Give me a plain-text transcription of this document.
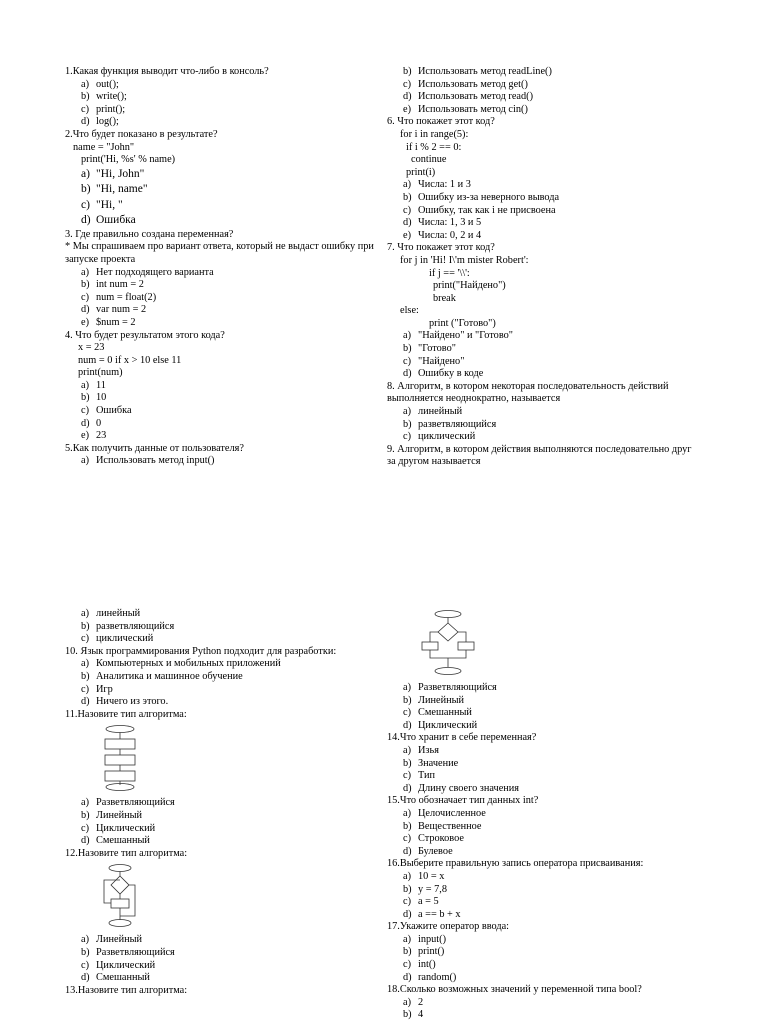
1.Какая функция выводит что-либо в консоль?
a) out();
b) write();
c) print();
d) log();
2.Что будет показано в результате?
name = "John"
print('Hi, %s' % name)
a) "Hi, John"
b) "Hi, name"
c) "Hi, "
d) Ошибка
3. Где правильно создана переменная?
* Мы спрашиваем про вариант ответа, который не выдаст ошибку при запуске проекта
a) Нет подходящего варианта
b) int num = 2
c) num = float(2)
d) var num = 2
e) $num = 2
4. Что будет результатом этого кода?
x = 23
num = 0 if x > 10 else 11
print(num)
a) 11
b) 10
c) Ошибка
d) 0
e) 23
5.Как получить данные от пользователя?
a) Использовать метод input()
b) Использовать метод readLine()
c) Использовать метод get()
d) Использовать метод read()
e) Использовать метод cin()
6. Что покажет этот код?
for i in range(5):
if i % 2 == 0:
continue
print(i)
a) Числа: 1 и 3
b) Ошибку из-за неверного вывода
c) Ошибку, так как i не присвоена
d) Числа: 1, 3 и 5
e) Числа: 0, 2 и 4
7. Что покажет этот код?
for j in 'Hi! I\'m mister Robert':
if j == '\\':
print("Найдено")
break
else:
print ("Готово")
a) "Найдено" и "Готово"
b) "Готово"
c) "Найдено"
d) Ошибку в коде
8. Алгоритм, в котором некоторая последовательность действий выполняется неоднократно, называется
a) линейный
b) разветвляющийся
c) циклический
9. Алгоритм, в котором действия выполняются последовательно друг за другом называется
a) линейный
b) разветвляющийся
c) циклический
10. Язык программирования Python подходит для разработки:
a) Компьютерных и мобильных приложений
b) Аналитика и машинное обучение
c) Игр
d) Ничего из этого.
11.Назовите тип алгоритма:
a) Разветвляющийся
b) Линейный
c) Циклический
d) Смешанный
12.Назовите тип алгоритма:
a) Линейный
b) Разветвляющийся
c) Циклический
d) Смешанный
13.Назовите тип алгоритма:
a) Разветвляющийся
b) Линейный
c) Смешанный
d) Циклический
14.Что хранит в себе переменная?
a) Изья
b) Значение
c) Тип
d) Длину своего значения
15.Что обозначает тип данных int?
a) Целочисленное
b) Вещественное
c) Строковое
d) Булевое
16.Выберите правильную запись оператора присваивания:
a) 10 = x
b) y = 7,8
c) a = 5
d) a == b + x
17.Укажите оператор ввода:
a) input()
b) print()
c) int()
d) random()
18.Сколько возможных значений у переменной типа bool?
a) 2
b) 4
